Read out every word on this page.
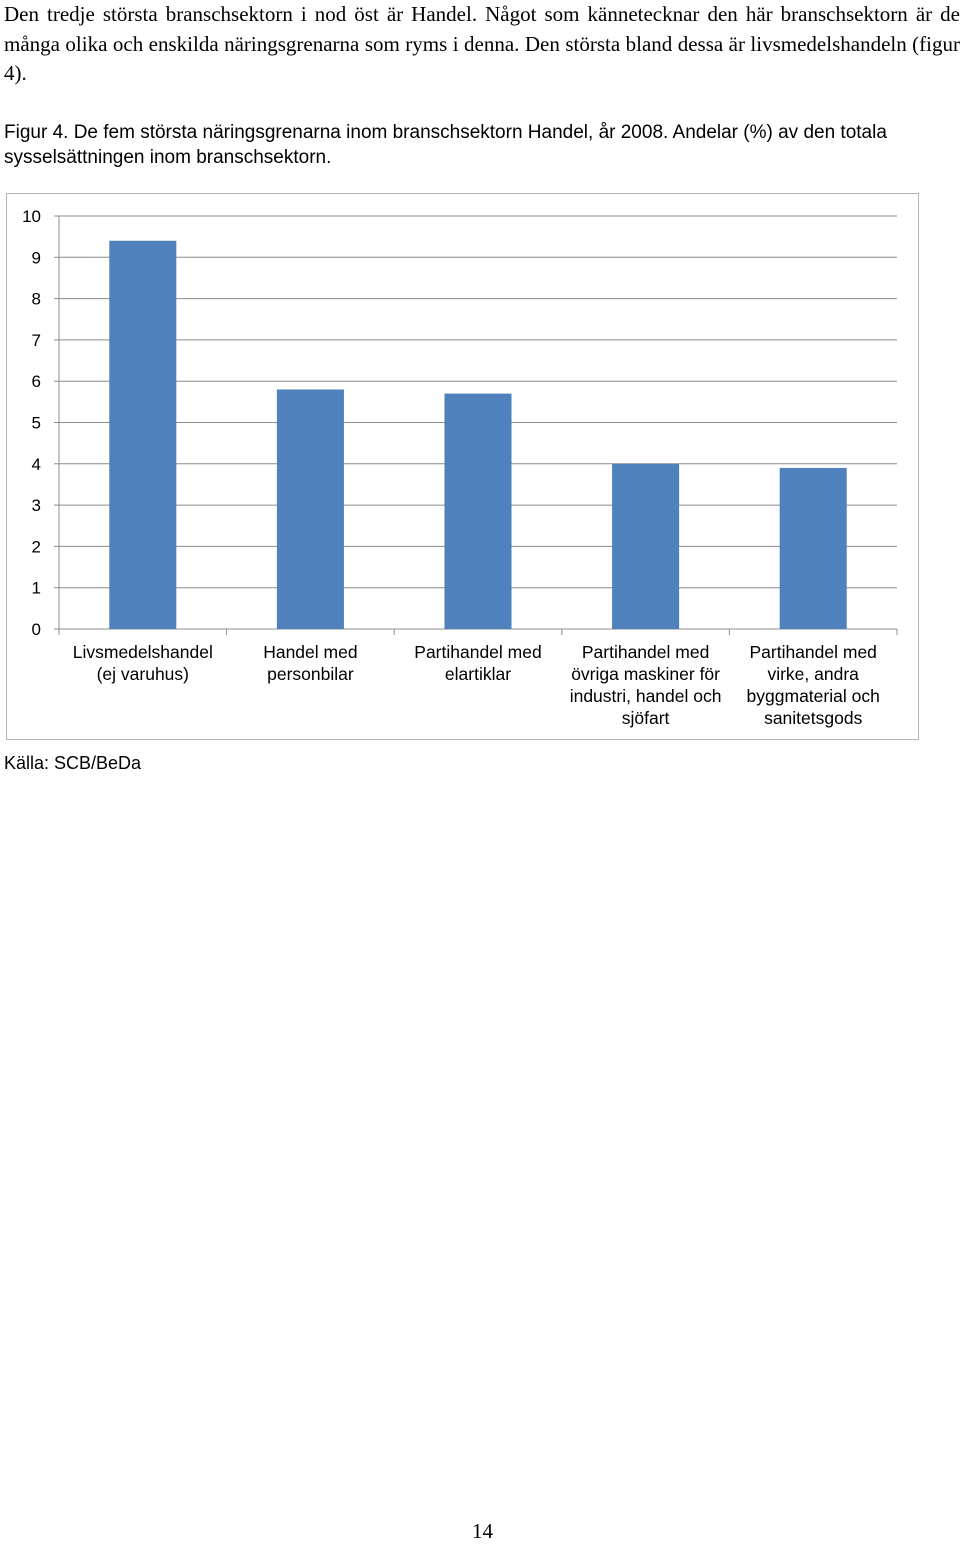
Den tredje största branschsektorn i nod öst är Handel. Något som kännetecknar den här branschsektorn är de många olika och enskilda näringsgrenarna som ryms i denna. Den största bland dessa är livsmedelshandeln (figur 4).
Figur 4. De fem största näringsgrenarna inom branschsektorn Handel, år 2008. Andelar (%) av den totala sysselsättningen inom branschsektorn.
0
1
2
3
4
5
6
7
8
9
10
Livsmedelshandel (ej varuhus)
Handel med personbilar
Partihandel med elartiklar
Partihandel med övriga maskiner för industri, handel och sjöfart
Partihandel med virke, andra byggmaterial och sanitetsgods
Källa: SCB/BeDa
14
